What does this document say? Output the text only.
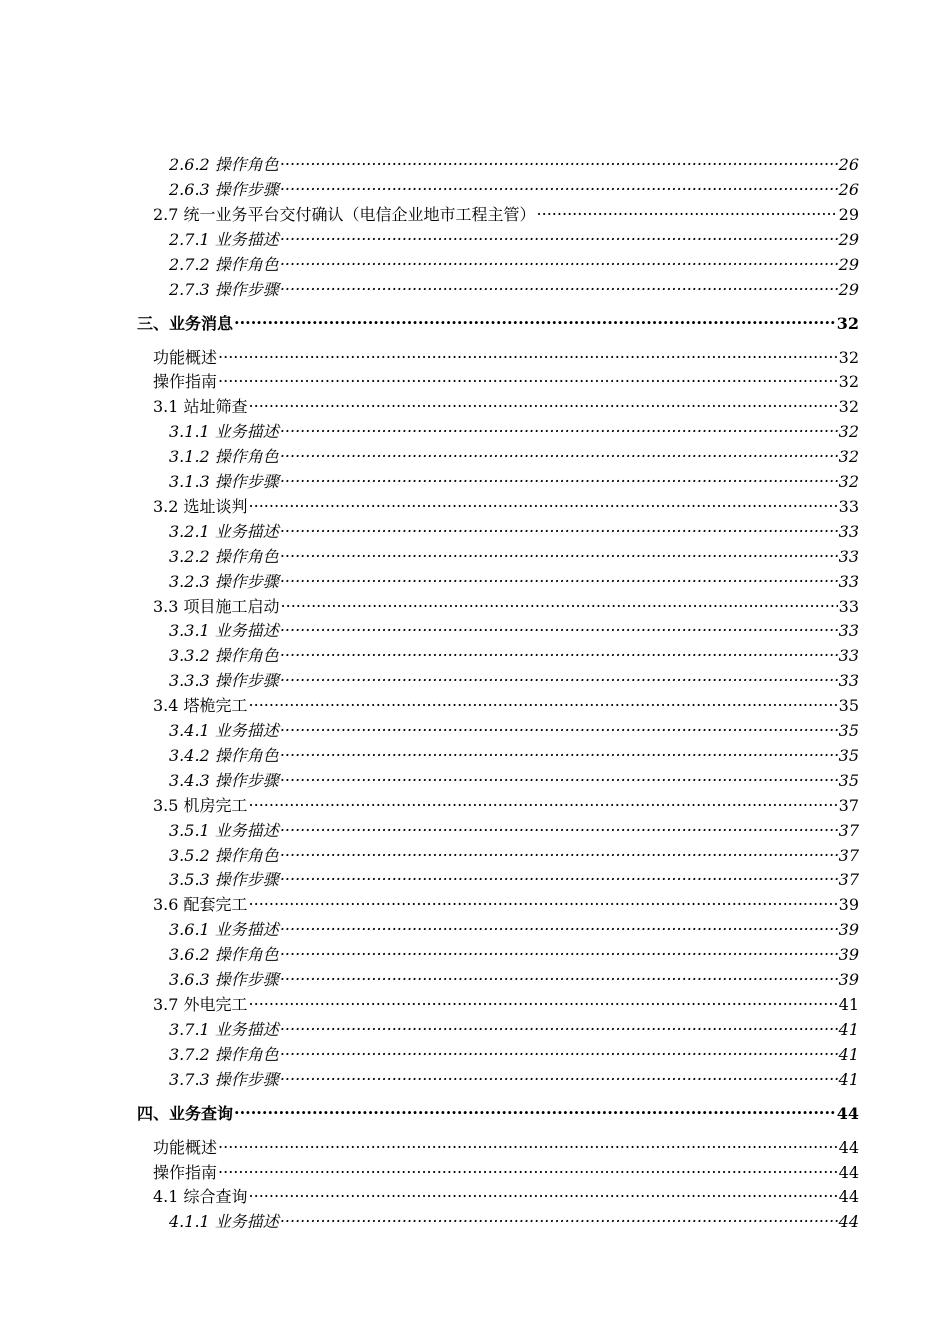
2.6.2 操作角色 .....	26
2.6.3 操作步骤 .....	26
2.7 统一业务平台交付确认（电信企业地市工程主管） .....	29
2.7.1 业务描述 .....	29
2.7.2 操作角色 .....	29
2.7.3 操作步骤 .....	29
三、业务消息 .....	32
功能概述 .....	32
操作指南 .....	32
3.1 站址筛查 .....	32
3.1.1 业务描述 .....	32
3.1.2 操作角色 .....	32
3.1.3 操作步骤 .....	32
3.2 选址谈判 .....	33
3.2.1 业务描述 .....	33
3.2.2 操作角色 .....	33
3.2.3 操作步骤 .....	33
3.3 项目施工启动 .....	33
3.3.1 业务描述 .....	33
3.3.2 操作角色 .....	33
3.3.3 操作步骤 .....	33
3.4 塔桅完工 .....	35
3.4.1 业务描述 .....	35
3.4.2 操作角色 .....	35
3.4.3 操作步骤 .....	35
3.5 机房完工 .....	37
3.5.1 业务描述 .....	37
3.5.2 操作角色 .....	37
3.5.3 操作步骤 .....	37
3.6 配套完工 .....	39
3.6.1 业务描述 .....	39
3.6.2 操作角色 .....	39
3.6.3 操作步骤 .....	39
3.7 外电完工 .....	41
3.7.1 业务描述 .....	41
3.7.2 操作角色 .....	41
3.7.3 操作步骤 .....	41
四、业务查询 .....	44
功能概述 .....	44
操作指南 .....	44
4.1 综合查询 .....	44
4.1.1 业务描述 .....	44
